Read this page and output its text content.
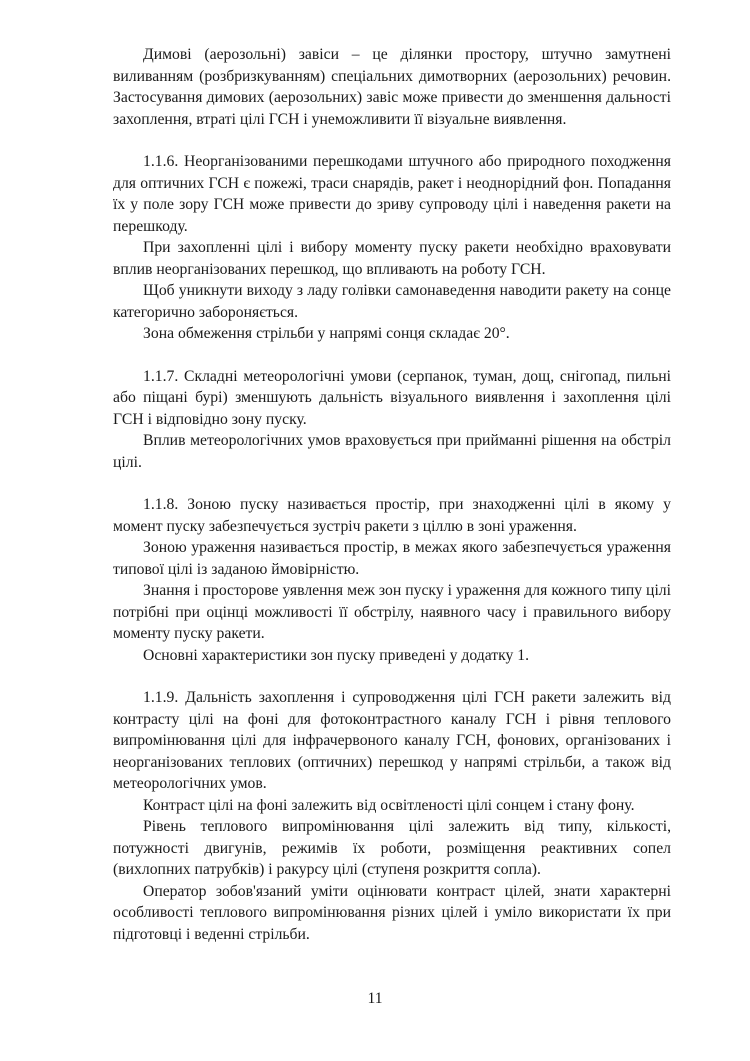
Димові (аерозольні) завіси – це ділянки простору, штучно замутнені виливанням (розбризкуванням) спеціальних димотворних (аерозольних) речовин. Застосування димових (аерозольних) завіс може привести до зменшення дальності захоплення, втраті цілі ГСН і унеможливити її візуальне виявлення.

1.1.6. Неорганізованими перешкодами штучного або природного походження для оптичних ГСН є пожежі, траси снарядів, ракет і неоднорідний фон. Попадання їх у поле зору ГСН може привести до зриву супроводу цілі і наведення ракети на перешкоду.

При захопленні цілі і вибору моменту пуску ракети необхідно враховувати вплив неорганізованих перешкод, що впливають на роботу ГСН.

Щоб уникнути виходу з ладу голівки самонаведення наводити ракету на сонце категорично забороняється.

Зона обмеження стрільби у напрямі сонця складає 20°.

1.1.7. Складні метеорологічні умови (серпанок, туман, дощ, снігопад, пильні або піщані бурі) зменшують дальність візуального виявлення і захоплення цілі ГСН і відповідно зону пуску.

Вплив метеорологічних умов враховується при прийманні рішення на обстріл цілі.

1.1.8. Зоною пуску називається простір, при знаходженні цілі в якому у момент пуску забезпечується зустріч ракети з ціллю в зоні ураження.

Зоною ураження називається простір, в межах якого забезпечується ураження типової цілі із заданою ймовірністю.

Знання і просторове уявлення меж зон пуску і ураження для кожного типу цілі потрібні при оцінці можливості її обстрілу, наявного часу і правильного вибору моменту пуску ракети.

Основні характеристики зон пуску приведені у додатку 1.

1.1.9. Дальність захоплення і супроводження цілі ГСН ракети залежить від контрасту цілі на фоні для фотоконтрастного каналу ГСН і рівня теплового випромінювання цілі для інфрачервоного каналу ГСН, фонових, організованих і неорганізованих теплових (оптичних) перешкод у напрямі стрільби, а також від метеорологічних умов.

Контраст цілі на фоні залежить від освітленості цілі сонцем і стану фону.

Рівень теплового випромінювання цілі залежить від типу, кількості, потужності двигунів, режимів їх роботи, розміщення реактивних сопел (вихлопних патрубків) і ракурсу цілі (ступеня розкриття сопла).

Оператор зобов'язаний уміти оцінювати контраст цілей, знати характерні особливості теплового випромінювання різних цілей і уміло використати їх при підготовці і веденні стрільби.

11
